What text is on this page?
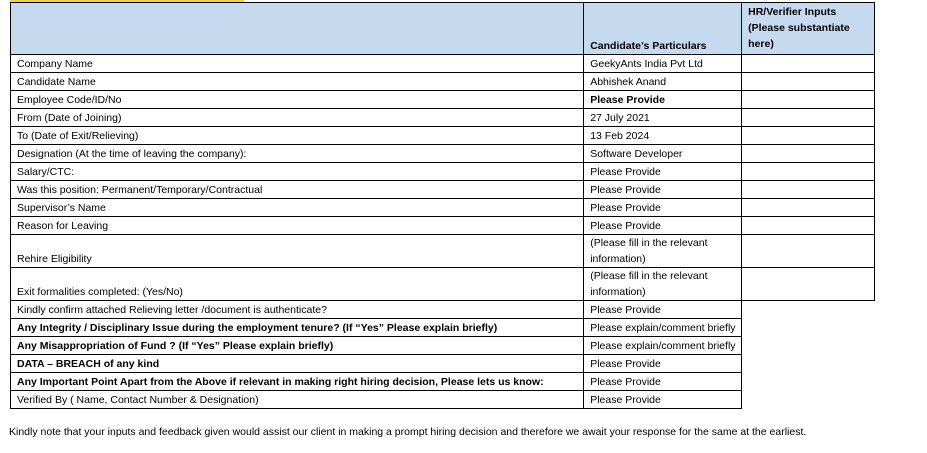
	Candidate’s Particulars	HR/Verifier Inputs (Please substantiate here)
Company Name	GeekyAnts India Pvt Ltd	
Candidate Name	Abhishek Anand	
Employee Code/ID/No	Please Provide	
From (Date of Joining)	27 July 2021	
To (Date of Exit/Relieving)	13 Feb 2024	
Designation (At the time of leaving the company):	Software Developer	
Salary/CTC:	Please Provide	
Was this position: Permanent/Temporary/Contractual	Please Provide	
Supervisor’s Name	Please Provide	
Reason for Leaving	Please Provide	
Rehire Eligibility	(Please fill in the relevant information)	
Exit formalities completed: (Yes/No)	(Please fill in the relevant information)	
Kindly confirm attached Relieving letter /document is authenticate?	Please Provide	
Any Integrity / Disciplinary Issue during the employment tenure? (If “Yes” Please explain briefly)	Please explain/comment briefly	
Any Misappropriation of Fund ? (If “Yes” Please explain briefly)	Please explain/comment briefly	
DATA – BREACH of any kind	Please Provide	
Any Important Point Apart from the Above if relevant in making right hiring decision, Please lets us know:	Please Provide	
Verified By ( Name, Contact Number & Designation)	Please Provide	
Kindly note that your inputs and feedback given would assist our client in making a prompt hiring decision and therefore we await your response for the same at the earliest.
